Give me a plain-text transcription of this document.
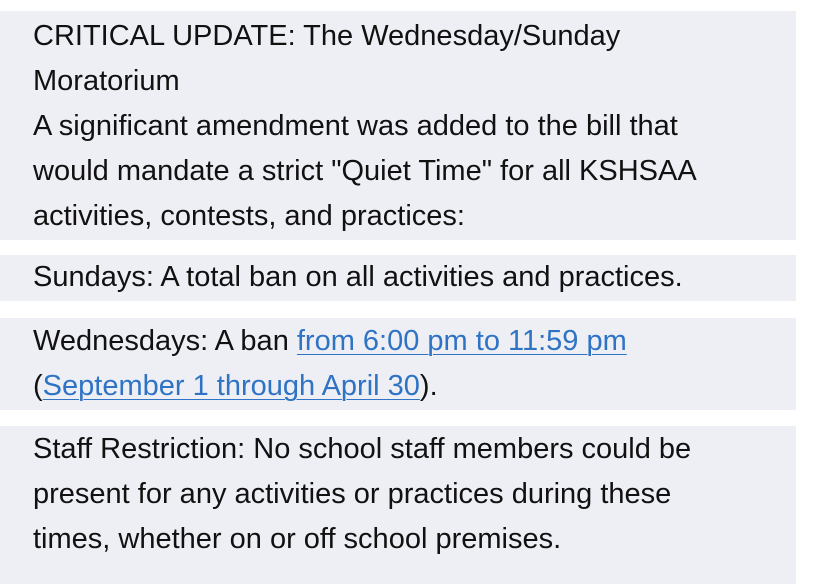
CRITICAL UPDATE: The Wednesday/Sunday
Moratorium
A significant amendment was added to the bill that
would mandate a strict "Quiet Time" for all KSHSAA
activities, contests, and practices:
Sundays: A total ban on all activities and practices.
Wednesdays: A ban from 6:00 pm to 11:59 pm
(September 1 through April 30).
Staff Restriction: No school staff members could be
present for any activities or practices during these
times, whether on or off school premises.
